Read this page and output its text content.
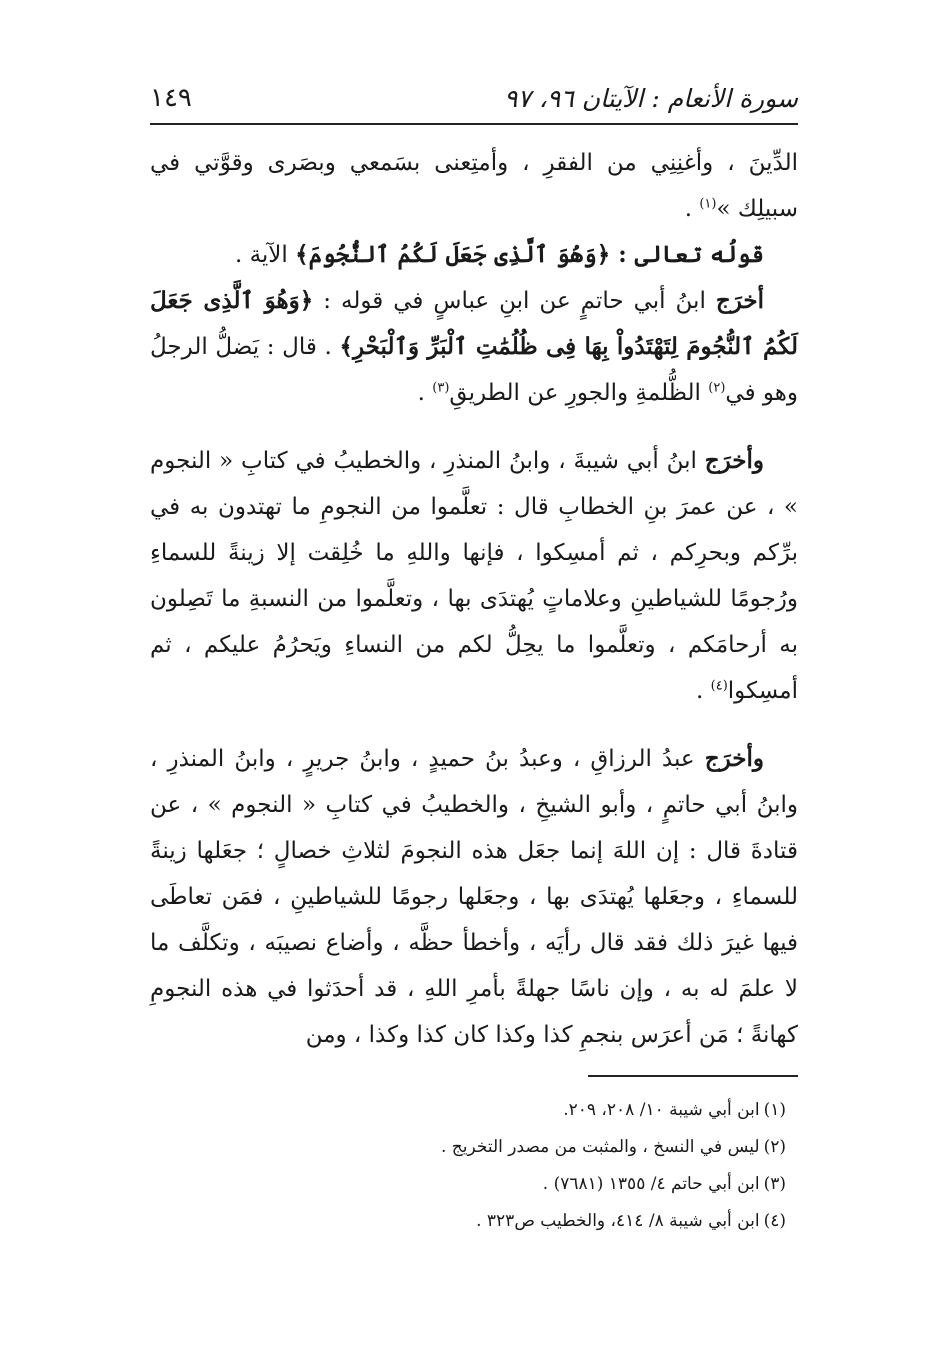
سورة الأنعام : الآيتان ٩٦، ٩٧
١٤٩

الدِّينَ ، وأغنِنِي من الفقرِ ، وأمتِعنى بسَمعي وبصَرى وقوَّتي في سبيلِك »$^{(١)}$ .

قولُه تعالى : ﴿وَهُوَ ٱلَّذِى جَعَلَ لَكُمُ ٱلنُّجُومَ﴾ الآية .

أخرَج ابنُ أبي حاتمٍ عن ابنِ عباسٍ في قوله : ﴿وَهُوَ ٱلَّذِى جَعَلَ لَكُمُ ٱلنُّجُومَ لِتَهْتَدُواْ بِهَا فِى ظُلُمَٰتِ ٱلْبَرِّ وَٱلْبَحْرِ﴾ . قال : يَضلُّ الرجلُ وهو في$^{(٢)}$ الظُّلمةِ والجورِ عن الطريقِ$^{(٣)}$ .

وأخرَج ابنُ أبي شيبةَ ، وابنُ المنذرِ ، والخطيبُ في كتابِ « النجوم » ، عن عمرَ بنِ الخطابِ قال : تعلَّموا من النجومِ ما تهتدون به في برِّكم وبحرِكم ، ثم أمسِكوا ، فإنها واللهِ ما خُلِقت إلا زينةً للسماءِ ورُجومًا للشياطينِ وعلاماتٍ يُهتدَى بها ، وتعلَّموا من النسبةِ ما تَصِلون به أرحامَكم ، وتعلَّموا ما يحِلُّ لكم من النساءِ ويَحرُمُ عليكم ، ثم أمسِكوا$^{(٤)}$ .

وأخرَج عبدُ الرزاقِ ، وعبدُ بنُ حميدٍ ، وابنُ جريرٍ ، وابنُ المنذرِ ، وابنُ أبي حاتمٍ ، وأبو الشيخِ ، والخطيبُ في كتابِ « النجوم » ، عن قتادةَ قال : إن اللهَ إنما جعَل هذه النجومَ لثلاثِ خصالٍ ؛ جعَلها زينةً للسماءِ ، وجعَلها يُهتدَى بها ، وجعَلها رجومًا للشياطينِ ، فمَن تعاطَى فيها غيرَ ذلك فقد قال رأيَه ، وأخطأ حظَّه ، وأضاع نصيبَه ، وتكلَّف ما لا علمَ له به ، وإن ناسًا جهلةً بأمرِ اللهِ ، قد أحدَثوا في هذه النجومِ كهانةً ؛ مَن أعرَس بنجمِ كذا وكذا كان كذا وكذا ، ومن

(١)ابن أبي شيبة ١٠/ ٢٠٨، ٢٠٩.

(٢)ليس في النسخ ، والمثبت من مصدر التخريج .

(٣)ابن أبي حاتم ٤/ ١٣٥٥ (٧٦٨١) .

(٤)ابن أبي شيبة ٨/ ٤١٤، والخطيب ص٣٢٣ .
